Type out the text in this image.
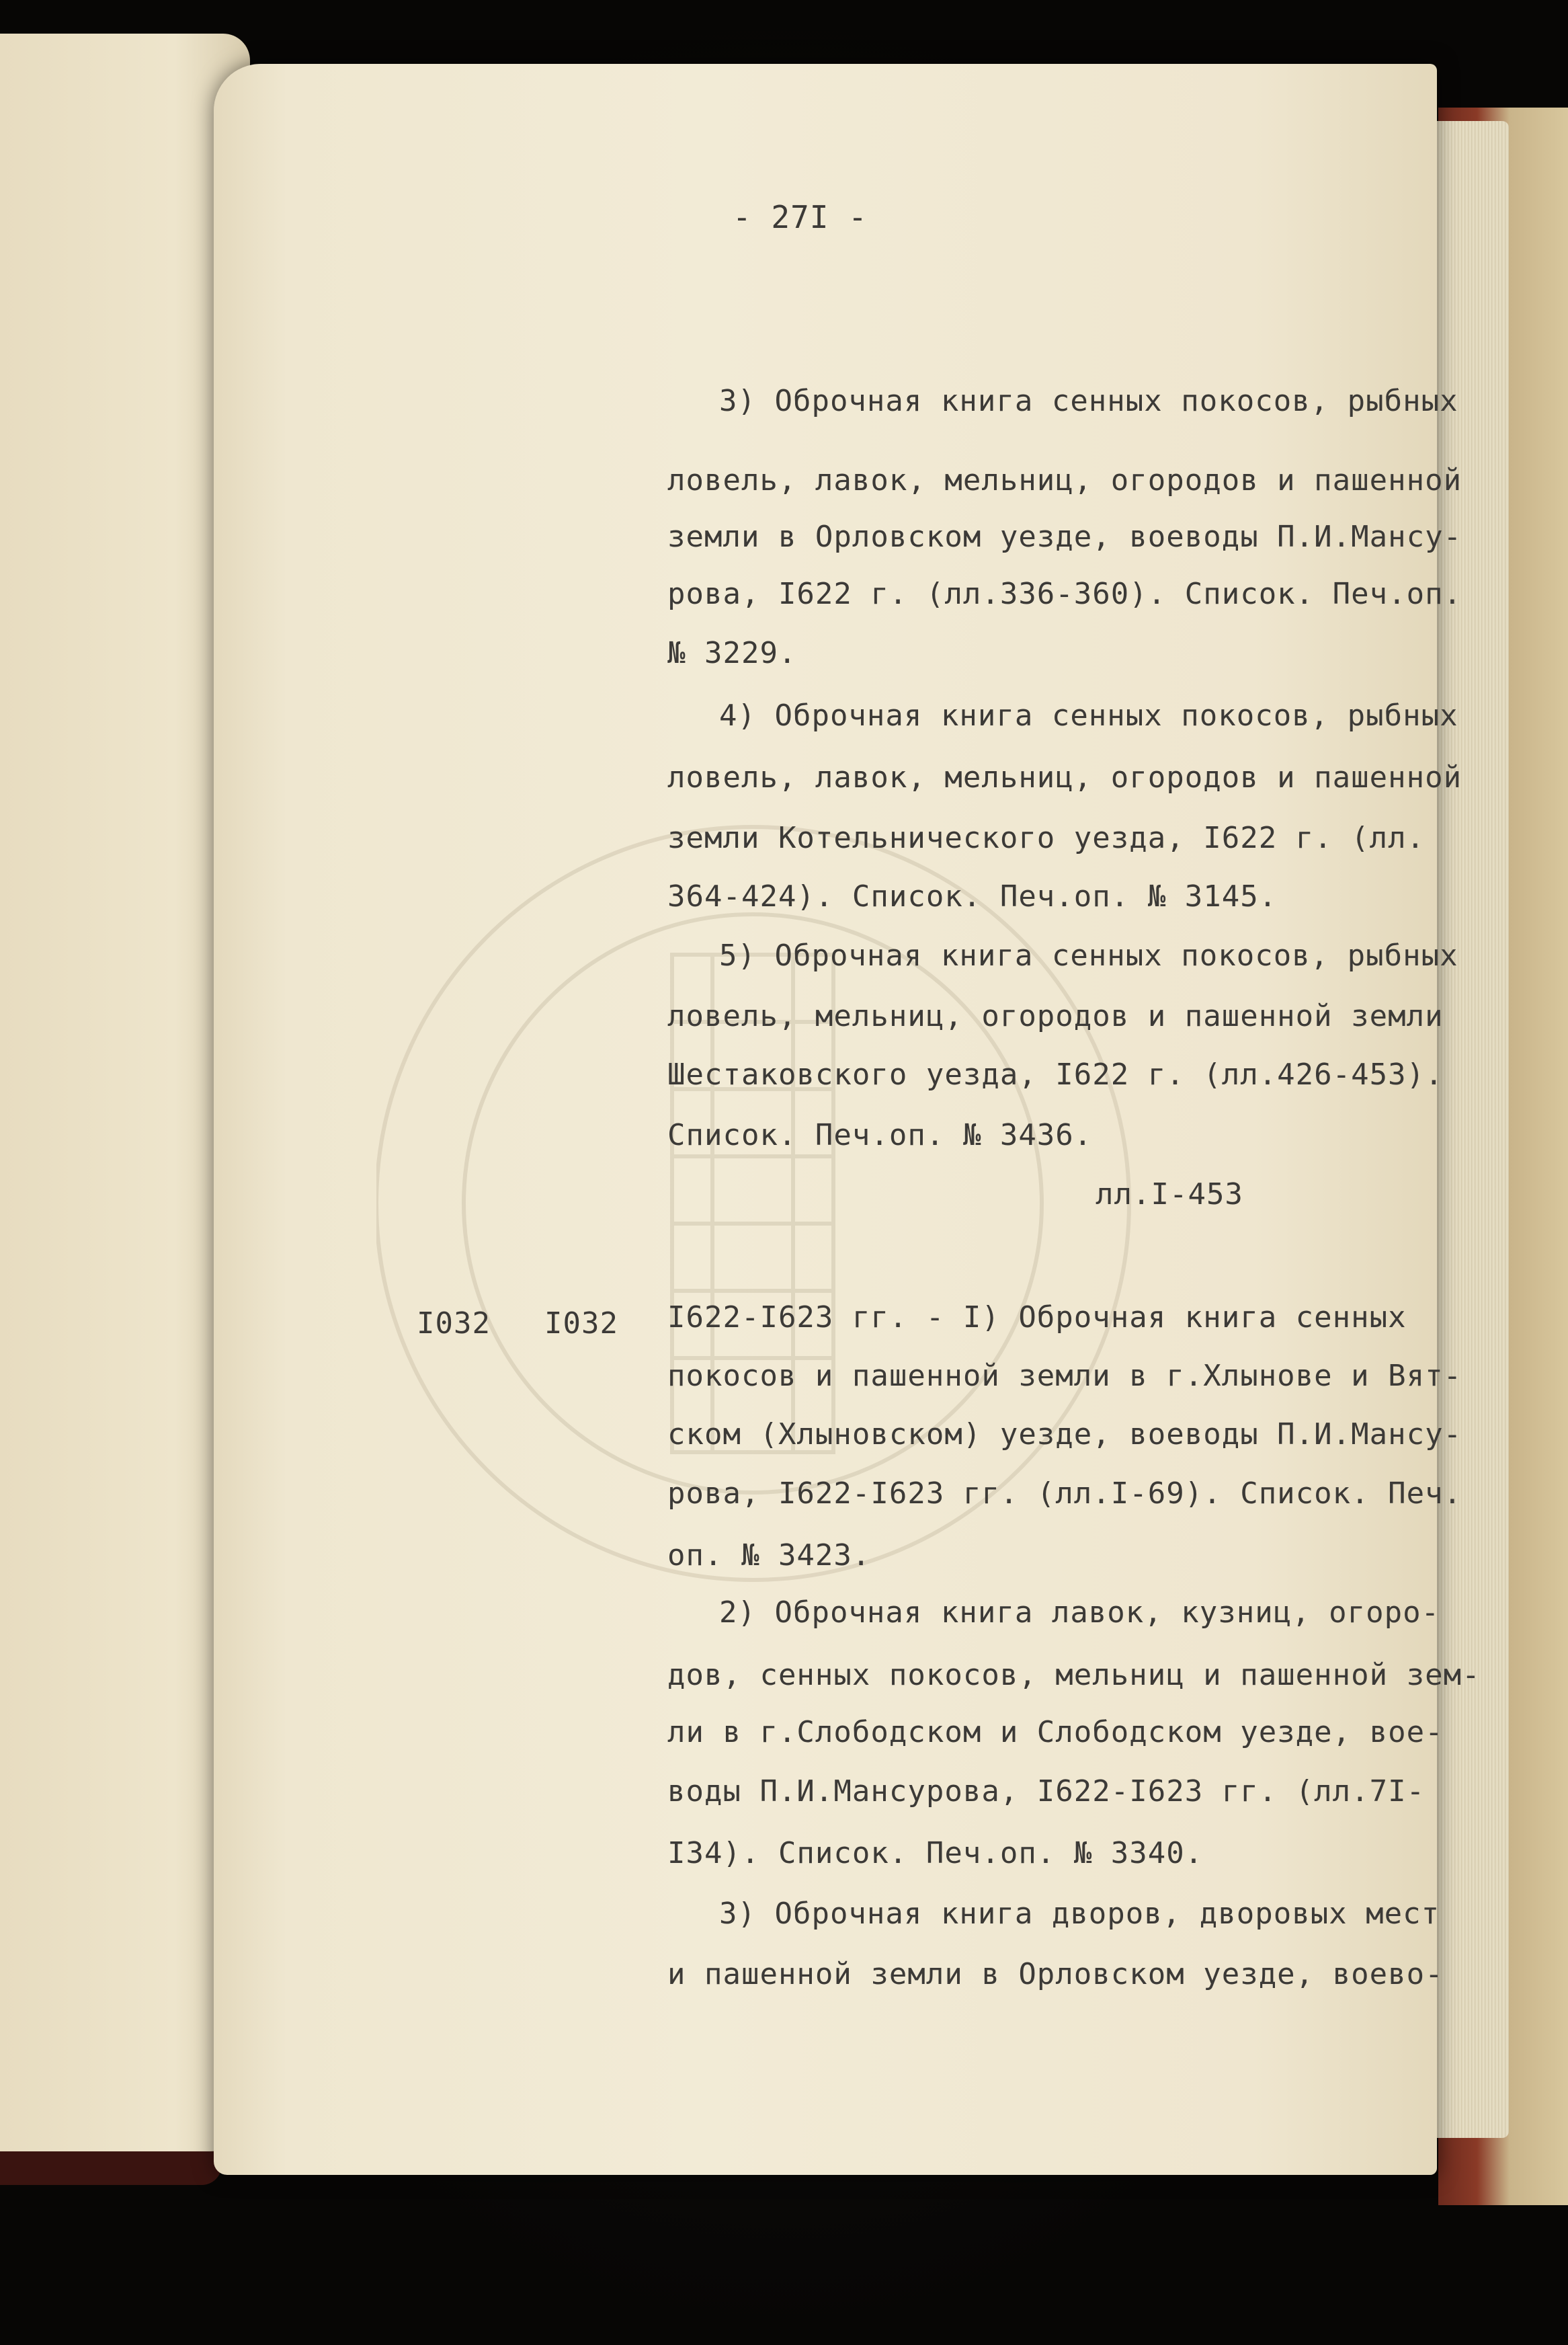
- 27I -
3) Оброчная книга сенных покосов, рыбных
ловель, лавок, мельниц, огородов и пашенной
земли в Орловском уезде, воеводы П.И.Мансу-
рова, I622 г. (лл.336-360). Список. Печ.оп.
№ 3229.
4) Оброчная книга сенных покосов, рыбных
ловель, лавок, мельниц, огородов и пашенной
земли Котельнического уезда, I622 г. (лл.
364-424). Список. Печ.оп. № 3145.
5) Оброчная книга сенных покосов, рыбных
ловель, мельниц, огородов и пашенной земли
Шестаковского уезда, I622 г. (лл.426-453).
Список. Печ.оп. № 3436.
лл.I-453
I032 I032 I622-I623 гг. - I) Оброчная книга сенных
покосов и пашенной земли в г.Хлынове и Вят-
ском (Хлыновском) уезде, воеводы П.И.Мансу-
рова, I622-I623 гг. (лл.I-69). Список. Печ.
оп. № 3423.
2) Оброчная книга лавок, кузниц, огоро-
дов, сенных покосов, мельниц и пашенной зем-
ли в г.Слободском и Слободском уезде, вое-
воды П.И.Мансурова, I622-I623 гг. (лл.7I-
I34). Список. Печ.оп. № 3340.
3) Оброчная книга дворов, дворовых мест
и пашенной земли в Орловском уезде, воево-
